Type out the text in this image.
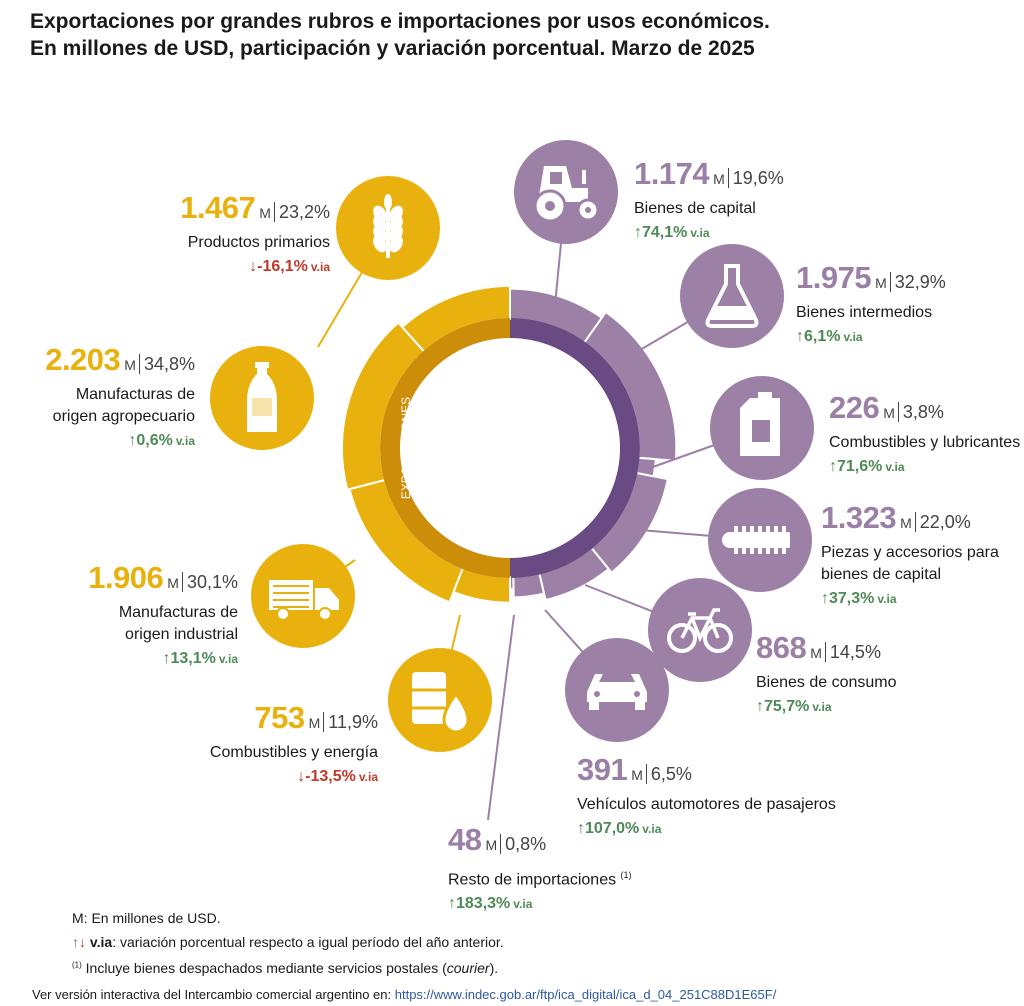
Exportaciones por grandes rubros e importaciones por usos económicos.
En millones de USD, participación y variación porcentual. Marzo de 2025
EXPORTACIONES	IMPORTACIONES
1.467 M 23,2%
Productos primarios
↓-16,1% v.ia
2.203 M 34,8%
Manufacturas de
origen agropecuario
↑0,6% v.ia
1.906 M 30,1%
Manufacturas de
origen industrial
↑13,1% v.ia
753 M 11,9%
Combustibles y energía
↓-13,5% v.ia
1.174 M 19,6%
Bienes de capital
↑74,1% v.ia
1.975 M 32,9%
Bienes intermedios
↑6,1% v.ia
226 M 3,8%
Combustibles y lubricantes
↑71,6% v.ia
1.323 M 22,0%
Piezas y accesorios para
bienes de capital
↑37,3% v.ia
868 M 14,5%
Bienes de consumo
↑75,7% v.ia
391 M 6,5%
Vehículos automotores de pasajeros
↑107,0% v.ia
48 M 0,8%
Resto de importaciones $^{(1)}$
↑183,3% v.ia
M: En millones de USD.
↑↓ v.ia: variación porcentual respecto a igual período del año anterior.
$^{(1)}$ Incluye bienes despachados mediante servicios postales (courier).
Ver versión interactiva del Intercambio comercial argentino en: https://www.indec.gob.ar/ftp/ica_digital/ica_d_04_251C88D1E65F/
